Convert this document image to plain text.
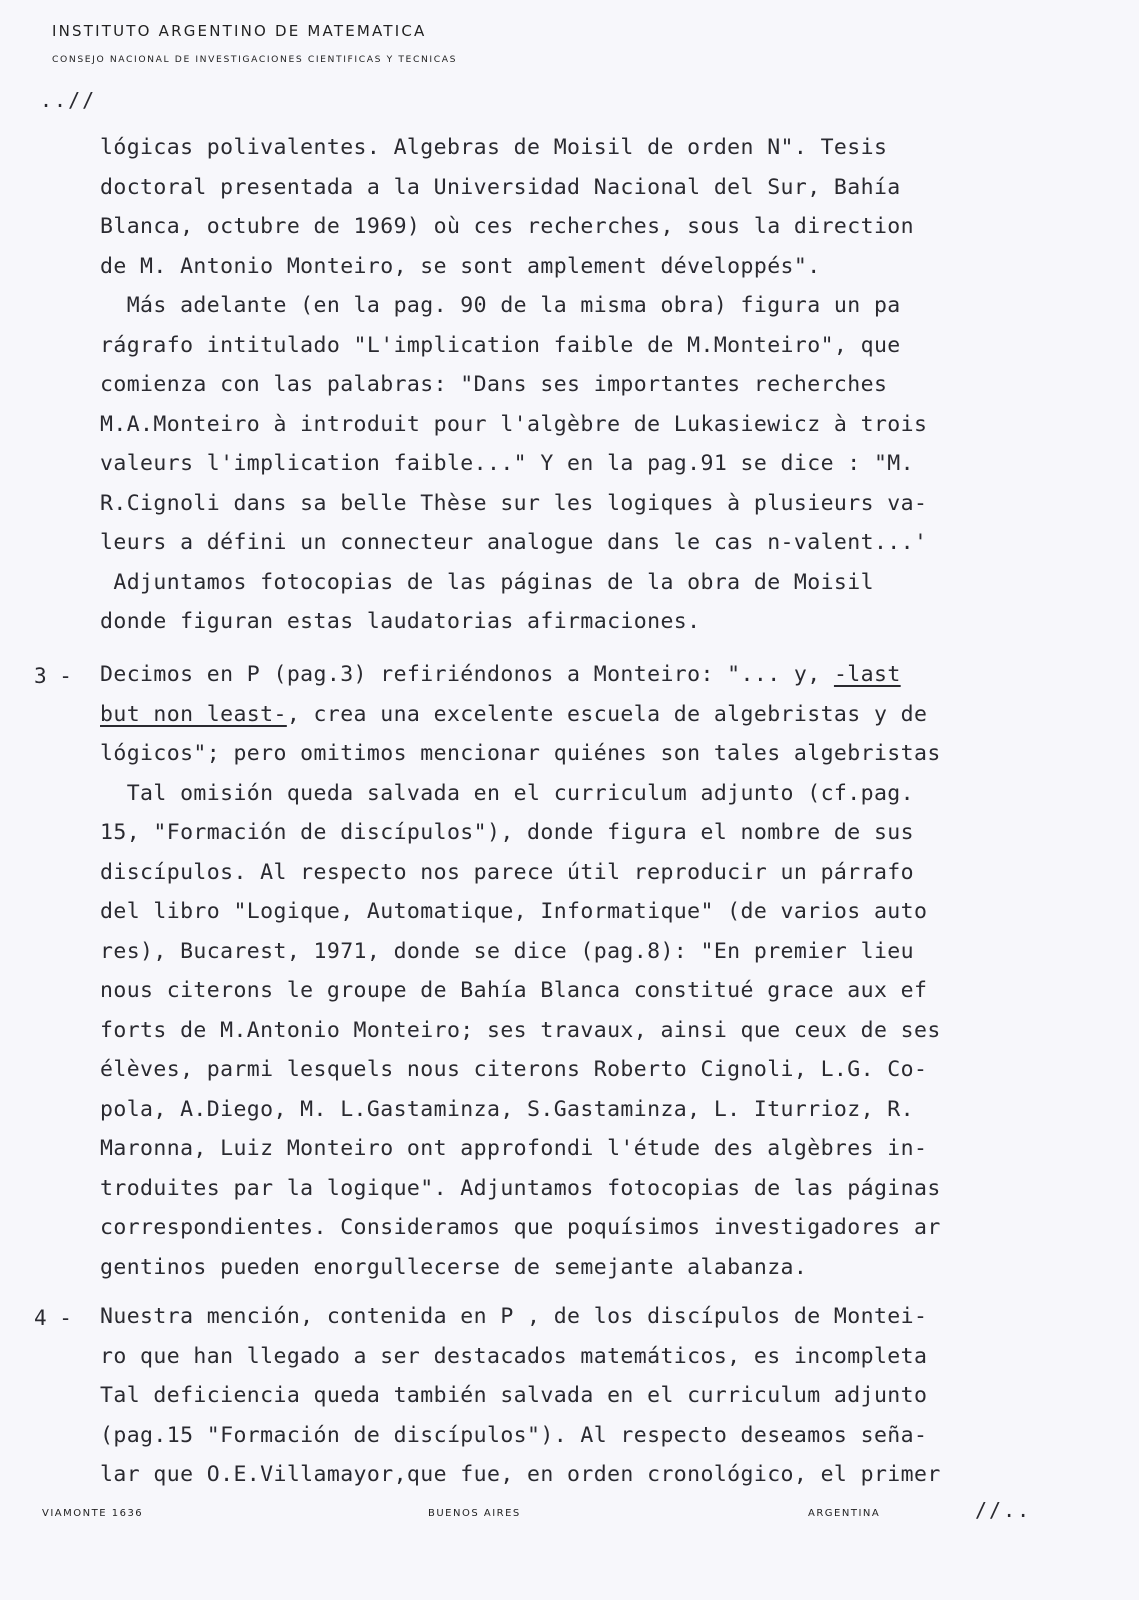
INSTITUTO ARGENTINO DE MATEMATICA
CONSEJO NACIONAL DE INVESTIGACIONES CIENTIFICAS Y TECNICAS
..//
lógicas polivalentes. Algebras de Moisil de orden N". Tesis
doctoral presentada a la Universidad Nacional del Sur, Bahía
Blanca, octubre de 1969) où ces recherches, sous la direction
de M. Antonio Monteiro, se sont amplement développés".
Más adelante (en la pag. 90 de la misma obra) figura un pa
rágrafo intitulado "L'implication faible de M.Monteiro", que
comienza con las palabras: "Dans ses importantes recherches
M.A.Monteiro à introduit pour l'algèbre de Lukasiewicz à trois
valeurs l'implication faible..." Y en la pag.91 se dice : "M.
R.Cignoli dans sa belle Thèse sur les logiques à plusieurs va-
leurs a défini un connecteur analogue dans le cas n-valent...'
Adjuntamos fotocopias de las páginas de la obra de Moisil
donde figuran estas laudatorias afirmaciones.
3 - Decimos en P (pag.3) refiriéndonos a Monteiro: "... y, -last
but non least-, crea una excelente escuela de algebristas y de
lógicos"; pero omitimos mencionar quiénes son tales algebristas
Tal omisión queda salvada en el curriculum adjunto (cf.pag.
15, "Formación de discípulos"), donde figura el nombre de sus
discípulos. Al respecto nos parece útil reproducir un párrafo
del libro "Logique, Automatique, Informatique" (de varios auto
res), Bucarest, 1971, donde se dice (pag.8): "En premier lieu
nous citerons le groupe de Bahía Blanca constitué grace aux ef
forts de M.Antonio Monteiro; ses travaux, ainsi que ceux de ses
élèves, parmi lesquels nous citerons Roberto Cignoli, L.G. Co-
pola, A.Diego, M. L.Gastaminza, S.Gastaminza, L. Iturrioz, R.
Maronna, Luiz Monteiro ont approfondi l'étude des algèbres in-
troduites par la logique". Adjuntamos fotocopias de las páginas
correspondientes. Consideramos que poquísimos investigadores ar
gentinos pueden enorgullecerse de semejante alabanza.
4 - Nuestra mención, contenida en P , de los discípulos de Montei-
ro que han llegado a ser destacados matemáticos, es incompleta
Tal deficiencia queda también salvada en el curriculum adjunto
(pag.15 "Formación de discípulos"). Al respecto deseamos seña-
lar que O.E.Villamayor,que fue, en orden cronológico, el primer
VIAMONTE 1636	BUENOS AIRES	ARGENTINA	//..
